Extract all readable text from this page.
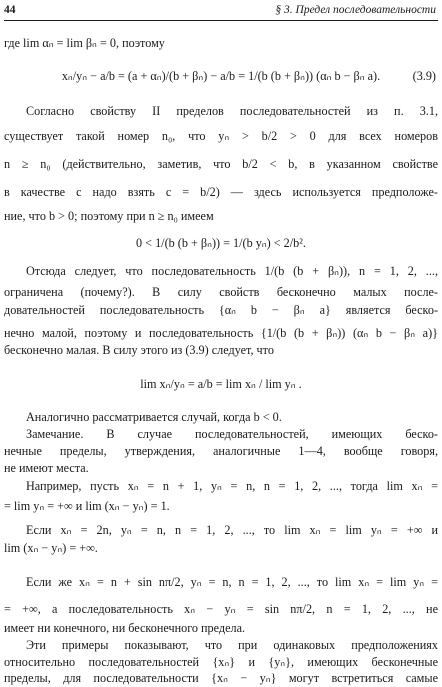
44	§ 3. Предел последовательности
где lim αₙ = lim βₙ = 0, поэтому
xₙ/yₙ − a/b = (a + αₙ)/(b + βₙ) − a/b = 1/(b (b + βₙ)) (αₙ b − βₙ a).	(3.9)
Согласно свойству II пределов последовательностей из п. 3.1,
существует такой номер n₀, что yₙ > b/2 > 0 для всех номеров
n ≥ n₀ (действительно, заметив, что b/2 < b, в указанном свойстве
в качестве c надо взять c = b/2) — здесь используется предположе-
ние, что b > 0; поэтому при n ≥ n₀ имеем
0 < 1/(b (b + βₙ)) = 1/(b yₙ) < 2/b².
Отсюда следует, что последовательность 1/(b (b + βₙ)), n = 1, 2, ...,
ограничена (почему?). В силу свойств бесконечно малых после-
довательностей последовательность {αₙ b − βₙ a} является беско-
нечно малой, поэтому и последовательность {1/(b (b + βₙ)) (αₙ b − βₙ a)}
бесконечно малая. В силу этого из (3.9) следует, что
lim xₙ/yₙ = a/b = lim xₙ / lim yₙ .
Аналогично рассматривается случай, когда b < 0.
Замечание. В случае последовательностей, имеющих беско-
нечные пределы, утверждения, аналогичные 1—4, вообще говоря,
не имеют места.
Например, пусть xₙ = n + 1, yₙ = n, n = 1, 2, ..., тогда lim xₙ =
= lim yₙ = +∞ и lim (xₙ − yₙ) = 1.
Если xₙ = 2n, yₙ = n, n = 1, 2, ..., то lim xₙ = lim yₙ = +∞ и
lim (xₙ − yₙ) = +∞.
Если же xₙ = n + sin nπ/2, yₙ = n, n = 1, 2, ..., то lim xₙ = lim yₙ =
= +∞, а последовательность xₙ − yₙ = sin nπ/2, n = 1, 2, ..., не
имеет ни конечного, ни бесконечного предела.
Эти примеры показывают, что при одинаковых предположениях
относительно последовательностей {xₙ} и {yₙ}, имеющих бесконечные
пределы, для последовательности {xₙ − yₙ} могут встретиться самые
